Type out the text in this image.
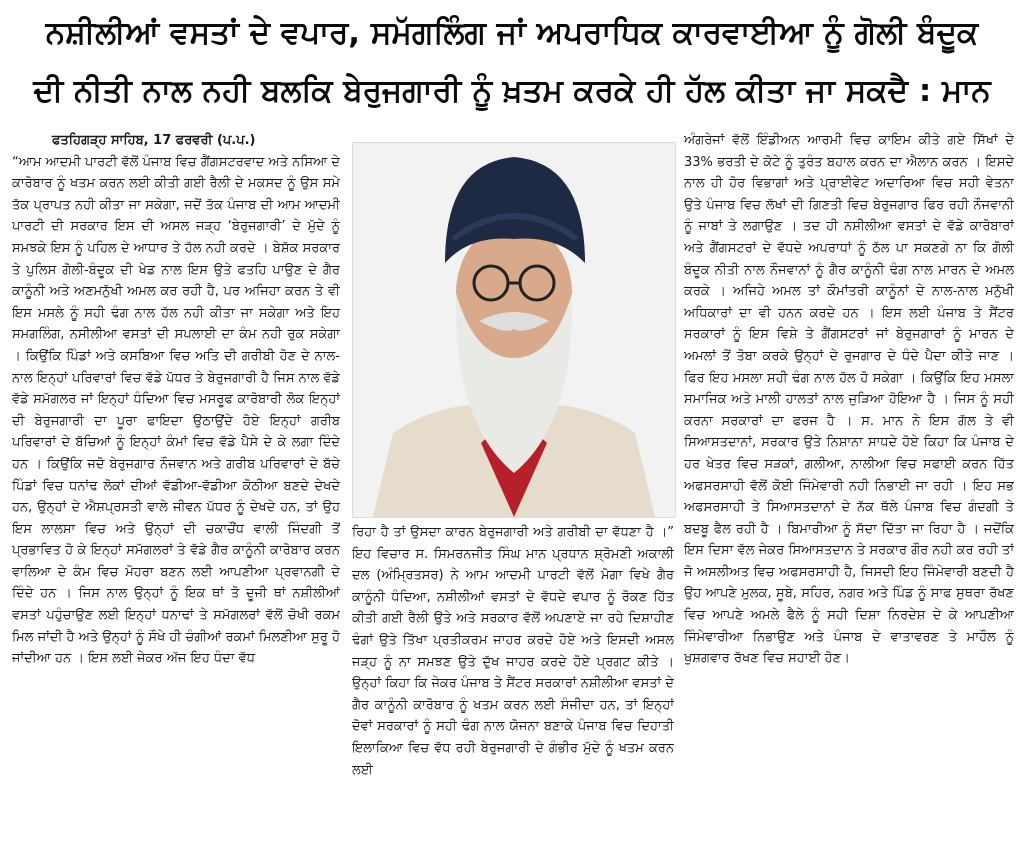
ਨਸ਼ੀਲੀਆਂ ਵਸਤਾਂ ਦੇ ਵਪਾਰ, ਸਮੱਗਲਿੰਗ ਜਾਂ ਅਪਰਾਧਿਕ ਕਾਰਵਾਈਆ ਨੂੰ ਗੋਲੀ ਬੰਦੂਕ
ਦੀ ਨੀਤੀ ਨਾਲ ਨਹੀ ਬਲਕਿ ਬੇਰੁਜਗਾਰੀ ਨੂੰ ਖ਼ਤਮ ਕਰਕੇ ਹੀ ਹੱਲ ਕੀਤਾ ਜਾ ਸਕਦੈ : ਮਾਨ
ਫਤਹਿਗੜ੍ਹ ਸਾਹਿਬ, 17 ਫਰਵਰੀ (ਪ.ਪ.)

“ਆਮ ਆਦਮੀ ਪਾਰਟੀ ਵੱਲੋਂ ਪੰਜਾਬ ਵਿਚ ਗੈਂਗਸਟਰਵਾਦ ਅਤੇ ਨਸਿਆ ਦੇ ਕਾਰੋਬਾਰ ਨੂੰ ਖਤਮ ਕਰਨ ਲਈ ਕੀਤੀ ਗਈ ਰੈਲੀ ਦੇ ਮਕਸਦ ਨੂੰ ਉਸ ਸਮੇ ਤੱਕ ਪ੍ਰਾਪਤ ਨਹੀ ਕੀਤਾ ਜਾ ਸਕੇਗਾ, ਜਦੋਂ ਤੱਕ ਪੰਜਾਬ ਦੀ ਆਮ ਆਦਮੀ ਪਾਰਟੀ ਦੀ ਸਰਕਾਰ ਇਸ ਦੀ ਅਸਲ ਜੜ੍ਹ ‘ਬੇਰੁਜਗਾਰੀ’ ਦੇ ਮੁੱਦੇ ਨੂੰ ਸਮਝਕੇ ਇਸ ਨੂੰ ਪਹਿਲ ਦੇ ਆਧਾਰ ਤੇ ਹੱਲ ਨਹੀ ਕਰਦੇ । ਬੇਸ਼ੱਕ ਸਰਕਾਰ ਤੇ ਪੁਲਿਸ ਗੋਲੀ-ਬੰਦੂਕ ਦੀ ਖੇਡ ਨਾਲ ਇਸ ਉਤੇ ਫਤਹਿ ਪਾਉਣ ਦੇ ਗੈਰ ਕਾਨੂੰਨੀ ਅਤੇ ਅਣਮਨੁੱਖੀ ਅਮਲ ਕਰ ਰਹੀ ਹੈ, ਪਰ ਅਜਿਹਾ ਕਰਨ ਤੇ ਵੀ ਇਸ ਮਸਲੇ ਨੂੰ ਸਹੀ ਢੰਗ ਨਾਲ ਹੱਲ ਨਹੀ ਕੀਤਾ ਜਾ ਸਕੇਗਾ ਅਤੇ ਇਹ ਸਮਗਲਿੰਗ, ਨਸੀਲੀਆ ਵਸਤਾਂ ਦੀ ਸਪਲਾਈ ਦਾ ਕੰਮ ਨਹੀ ਰੁਕ ਸਕੇਗਾ । ਕਿਉਂਕਿ ਪਿੰਡਾਂ ਅਤੇ ਕਸਬਿਆ ਵਿਚ ਅਤਿ ਦੀ ਗਰੀਬੀ ਹੋਣ ਦੇ ਨਾਲ-ਨਾਲ ਇਨ੍ਹਾਂ ਪਰਿਵਾਰਾਂ ਵਿਚ ਵੱਡੇ ਪੱਧਰ ਤੇ ਬੇਰੁਜਗਾਰੀ ਹੈ ਜਿਸ ਨਾਲ ਵੱਡੇ ਵੱਡੇ ਸਮੱਗਲਰ ਜਾਂ ਇਨ੍ਹਾਂ ਧੰਦਿਆ ਵਿਚ ਮਸਰੂਫ ਕਾਰੋਬਾਰੀ ਲੋਕ ਇਨ੍ਹਾਂ ਦੀ ਬੇਰੁਜਗਾਰੀ ਦਾ ਪੂਰਾ ਫਾਇਦਾ ਉਠਾਉਂਦੇ ਹੋਏ ਇਨ੍ਹਾਂ ਗਰੀਬ ਪਰਿਵਾਰਾਂ ਦੇ ਬੱਚਿਆਂ ਨੂੰ ਇਨ੍ਹਾਂ ਕੰਮਾਂ ਵਿਚ ਵੱਡੇ ਪੈਸੇ ਦੇ ਕੇ ਲਗਾ ਦਿੰਦੇ ਹਨ । ਕਿਉਂਕਿ ਜਦੋ ਬੇਰੁਜਗਾਰ ਨੌਜਵਾਨ ਅਤੇ ਗਰੀਬ ਪਰਿਵਾਰਾਂ ਦੇ ਬੱਚੇ ਪਿੰਡਾਂ ਵਿਚ ਧਨਾਂਢ ਲੋਕਾਂ ਦੀਆਂ ਵੱਡੀਆ-ਵੱਡੀਆ ਕੋਠੀਆ ਬਣਦੇ ਦੇਖਦੇ ਹਨ, ਉਨ੍ਹਾਂ ਦੇ ਐਸ਼ਪ੍ਰਸਤੀ ਵਾਲੇ ਜੀਵਨ ਪੱਧਰ ਨੂੰ ਦੇਖਦੇ ਹਨ, ਤਾਂ ਉਹ ਇਸ ਲਾਲਸਾ ਵਿਚ ਅਤੇ ਉਨ੍ਹਾਂ ਦੀ ਚਕਾਚੌਂਧ ਵਾਲੀ ਜਿੰਦਗੀ ਤੋਂ ਪ੍ਰਭਾਵਿਤ ਹੋ ਕੇ ਇਨ੍ਹਾਂ ਸਮੱਗਲਰਾਂ ਤੇ ਵੱਡੇ ਗੈਰ ਕਾਨੂੰਨੀ ਕਾਰੋਬਾਰ ਕਰਨ ਵਾਲਿਆ ਦੇ ਕੰਮ ਵਿਚ ਮੋਹਰਾ ਬਣਨ ਲਈ ਆਪਣੀਆ ਪ੍ਰਵਾਨਗੀ ਦੇ ਦਿੰਦੇ ਹਨ । ਜਿਸ ਨਾਲ ਉਨ੍ਹਾਂ ਨੂੰ ਇਕ ਥਾਂ ਤੋ ਦੂਜੀ ਥਾਂ ਨਸ਼ੀਲੀਆਂ ਵਸਤਾਂ ਪਹੁੰਚਾਉਣ ਲਈ ਇਨ੍ਹਾਂ ਧਨਾਢਾਂ ਤੇ ਸਮੱਗਲਰਾਂ ਵੱਲੋਂ ਚੋਖੀ ਰਕਮ ਮਿਲ ਜਾਂਦੀ ਹੈ ਅਤੇ ਉਨ੍ਹਾਂ ਨੂੰ ਸੌਖੇ ਹੀ ਚੰਗੀਆਂ ਰਕਮਾਂ ਮਿਲਣੀਆ ਸੁਰੂ ਹੋ ਜਾਂਦੀਆ ਹਨ । ਇਸ ਲਈ ਜੇਕਰ ਅੱਜ ਇਹ ਧੰਦਾ ਵੱਧ

ਰਿਹਾ ਹੈ ਤਾਂ ਉਸਦਾ ਕਾਰਨ ਬੇਰੁਜਗਾਰੀ ਅਤੇ ਗਰੀਬੀ ਦਾ ਵੱਧਣਾ ਹੈ ।” ਇਹ ਵਿਚਾਰ ਸ. ਸਿਮਰਨਜੀਤ ਸਿੰਘ ਮਾਨ ਪ੍ਰਧਾਨ ਸ਼੍ਰੋਮਣੀ ਅਕਾਲੀ ਦਲ (ਅੰਮ੍ਰਿਤਸਰ) ਨੇ ਆਮ ਆਦਮੀ ਪਾਰਟੀ ਵੱਲੋਂ ਮੋਗਾ ਵਿਖੇ ਗੈਰ ਕਾਨੂੰਨੀ ਧੰਦਿਆ, ਨਸ਼ੀਲੀਆਂ ਵਸਤਾਂ ਦੇ ਵੱਧਦੇ ਵਪਾਰ ਨੂੰ ਰੋਕਣ ਹਿੱਤ ਕੀਤੀ ਗਈ ਰੈਲੀ ਉਤੇ ਅਤੇ ਸਰਕਾਰ ਵੱਲੋਂ ਅਪਣਾਏ ਜਾ ਰਹੇ ਦਿਸ਼ਾਹੀਣ ਢੰਗਾਂ ਉਤੇ ਤਿੱਖਾ ਪ੍ਰਤੀਕਰਮ ਜਾਹਰ ਕਰਦੇ ਹੋਏ ਅਤੇ ਇਸਦੀ ਅਸਲ ਜੜ੍ਹ ਨੂੰ ਨਾ ਸਮਝਣ ਉਤੇ ਦੁੱਖ ਜਾਹਰ ਕਰਦੇ ਹੋਏ ਪ੍ਰਗਟ ਕੀਤੇ । ਉਨ੍ਹਾਂ ਕਿਹਾ ਕਿ ਜੇਕਰ ਪੰਜਾਬ ਤੇ ਸੈਂਟਰ ਸਰਕਾਰਾਂ ਨਸ਼ੀਲੀਆ ਵਸਤਾਂ ਦੇ ਗੈਰ ਕਾਨੂੰਨੀ ਕਾਰੋਬਾਰ ਨੂੰ ਖਤਮ ਕਰਨ ਲਈ ਸੰਜੀਦਾ ਹਨ, ਤਾਂ ਇਨ੍ਹਾਂ ਦੋਵਾਂ ਸਰਕਾਰਾਂ ਨੂੰ ਸਹੀ ਢੰਗ ਨਾਲ ਯੋਜਨਾ ਬਣਾਕੇ ਪੰਜਾਬ ਵਿਚ ਦਿਹਾਤੀ ਇਲਾਕਿਆ ਵਿਚ ਵੱਧ ਰਹੀ ਬੇਰੁਜਗਾਰੀ ਦੇ ਗੰਭੀਰ ਮੁੱਦੇ ਨੂੰ ਖਤਮ ਕਰਨ ਲਈ

ਅੰਗਰੇਜਾਂ ਵੱਲੋਂ ਇੰਡੀਅਨ ਆਰਮੀ ਵਿਚ ਕਾਇਮ ਕੀਤੇ ਗਏ ਸਿੱਖਾਂ ਦੇ 33% ਭਰਤੀ ਦੇ ਕੋਟੇ ਨੂੰ ਤੁਰੰਤ ਬਹਾਲ ਕਰਨ ਦਾ ਐਲਾਨ ਕਰਨ । ਇਸਦੇ ਨਾਲ ਹੀ ਹੋਰ ਵਿਭਾਗਾਂ ਅਤੇ ਪ੍ਰਾਈਵੇਟ ਅਦਾਰਿਆ ਵਿਚ ਸਹੀ ਵੇਤਨਾ ਉਤੇ ਪੰਜਾਬ ਵਿਚ ਲੱਖਾਂ ਦੀ ਗਿਣਤੀ ਵਿਚ ਬੇਰੁਜਗਾਰ ਫਿਰ ਰਹੀ ਨੌਜਵਾਨੀ ਨੂੰ ਜਾਬਾਂ ਤੇ ਲਗਾਉਣ । ਤਦ ਹੀ ਨਸ਼ੀਲੀਆ ਵਸਤਾਂ ਦੇ ਵੱਡੇ ਕਾਰੋਬਾਰਾਂ ਅਤੇ ਗੈਂਗਸਟਰਾਂ ਦੇ ਵੱਧਦੇ ਅਪਰਾਧਾਂ ਨੂੰ ਠੱਲ ਪਾ ਸਕਣਗੇ ਨਾ ਕਿ ਗੋਲੀ ਬੰਦੂਕ ਨੀਤੀ ਨਾਲ ਨੌਜਵਾਨਾਂ ਨੂੰ ਗੈਰ ਕਾਨੂੰਨੀ ਢੰਗ ਨਾਲ ਮਾਰਨ ਦੇ ਅਮਲ ਕਰਕੇ । ਅਜਿਹੇ ਅਮਲ ਤਾਂ ਕੌਮਾਂਤਰੀ ਕਾਨੂੰਨਾਂ ਦੇ ਨਾਲ-ਨਾਲ ਮਨੁੱਖੀ ਅਧਿਕਾਰਾਂ ਦਾ ਵੀ ਹਨਨ ਕਰਦੇ ਹਨ । ਇਸ ਲਈ ਪੰਜਾਬ ਤੇ ਸੈਂਟਰ ਸਰਕਾਰਾਂ ਨੂੰ ਇਸ ਵਿਸ਼ੇ ਤੇ ਗੈਂਗਸਟਰਾਂ ਜਾਂ ਬੇਰੁਜਗਾਰਾਂ ਨੂੰ ਮਾਰਨ ਦੇ ਅਮਲਾਂ ਤੋਂ ਤੋਬਾ ਕਰਕੇ ਉਨ੍ਹਾਂ ਦੇ ਰੁਜਗਾਰ ਦੇ ਧੰਦੇ ਪੈਦਾ ਕੀਤੇ ਜਾਣ । ਫਿਰ ਇਹ ਮਸਲਾ ਸਹੀ ਢੰਗ ਨਾਲ ਹੱਲ ਹੋ ਸਕੇਗਾ । ਕਿਉਂਕਿ ਇਹ ਮਸਲਾ ਸਮਾਜਿਕ ਅਤੇ ਮਾਲੀ ਹਾਲਤਾਂ ਨਾਲ ਜੁੜਿਆ ਹੋਇਆ ਹੈ । ਜਿਸ ਨੂੰ ਸਹੀ ਕਰਨਾ ਸਰਕਾਰਾਂ ਦਾ ਫਰਜ ਹੈ । ਸ. ਮਾਨ ਨੇ ਇਸ ਗੱਲ ਤੇ ਵੀ ਸਿਆਸਤਦਾਨਾਂ, ਸਰਕਾਰ ਉਤੇ ਨਿਸ਼ਾਨਾ ਸਾਧਦੇ ਹੋਏ ਕਿਹਾ ਕਿ ਪੰਜਾਬ ਦੇ ਹਰ ਖੇਤਰ ਵਿਚ ਸੜਕਾਂ, ਗਲੀਆ, ਨਾਲੀਆ ਵਿਚ ਸਫਾਈ ਕਰਨ ਹਿੱਤ ਅਫਸਰਸਾਹੀ ਵੱਲੋਂ ਕੋਈ ਜਿੰਮੇਵਾਰੀ ਨਹੀ ਨਿਭਾਈ ਜਾ ਰਹੀ । ਇਹ ਸਭ ਅਫਸਰਸਾਹੀ ਤੇ ਸਿਆਸਤਦਾਨਾਂ ਦੇ ਨੱਕ ਥੱਲੇ ਪੰਜਾਬ ਵਿਚ ਗੰਦਗੀ ਤੇ ਬਦਬੂ ਫੈਲ ਰਹੀ ਹੈ । ਬਿਮਾਰੀਆ ਨੂੰ ਸੱਦਾ ਦਿੱਤਾ ਜਾ ਰਿਹਾ ਹੈ । ਜਦੋਂਕਿ ਇਸ ਦਿਸਾ ਵੱਲ ਜੇਕਰ ਸਿਆਸਤਦਾਨ ਤੇ ਸਰਕਾਰ ਗੌਰ ਨਹੀ ਕਰ ਰਹੀ ਤਾਂ ਜੋ ਅਸਲੀਅਤ ਵਿਚ ਅਫਸਰਸਾਹੀ ਹੈ, ਜਿਸਦੀ ਇਹ ਜਿੰਮੇਵਾਰੀ ਬਣਦੀ ਹੈ ਉਹ ਆਪਣੇ ਮੁਲਕ, ਸੂਬੇ, ਸਹਿਰ, ਨਗਰ ਅਤੇ ਪਿੰਡ ਨੂੰ ਸਾਫ ਸੁਥਰਾ ਰੱਖਣ ਵਿਚ ਆਪਣੇ ਅਮਲੇ ਫੈਲੇ ਨੂੰ ਸਹੀ ਦਿਸ਼ਾ ਨਿਰਦੇਸ਼ ਦੇ ਕੇ ਆਪਣੀਆ ਜਿੰਮੇਵਾਰੀਆ ਨਿਭਾਉਣ ਅਤੇ ਪੰਜਾਬ ਦੇ ਵਾਤਾਵਰਣ ਤੇ ਮਾਹੌਲ ਨੂੰ ਖੁਸ਼ਗਵਾਰ ਰੱਖਣ ਵਿਚ ਸਹਾਈ ਹੋਣ।
